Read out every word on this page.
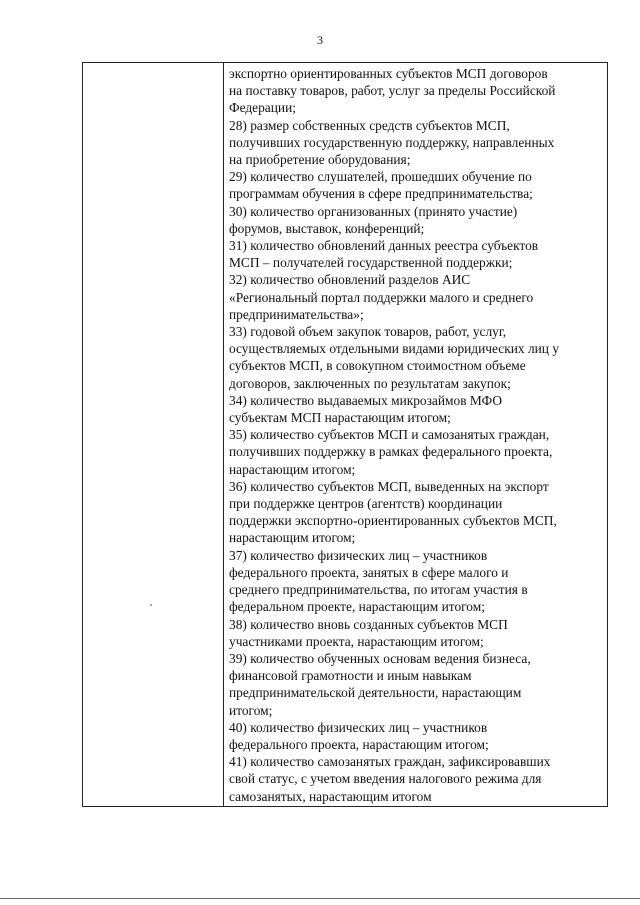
3
экспортно ориентированных субъектов МСП договоров
на поставку товаров, работ, услуг за пределы Российской
Федерации;
28) размер собственных средств субъектов МСП,
получивших государственную поддержку, направленных
на приобретение оборудования;
29) количество слушателей, прошедших обучение по
программам обучения в сфере предпринимательства;
30) количество организованных (принято участие)
форумов, выставок, конференций;
31) количество обновлений данных реестра субъектов
МСП – получателей государственной поддержки;
32) количество обновлений разделов АИС
«Региональный портал поддержки малого и среднего
предпринимательства»;
33) годовой объем закупок товаров, работ, услуг,
осуществляемых отдельными видами юридических лиц у
субъектов МСП, в совокупном стоимостном объеме
договоров, заключенных по результатам закупок;
34) количество выдаваемых микрозаймов МФО
субъектам МСП нарастающим итогом;
35) количество субъектов МСП и самозанятых граждан,
получивших поддержку в рамках федерального проекта,
нарастающим итогом;
36) количество субъектов МСП, выведенных на экспорт
при поддержке центров (агентств) координации
поддержки экспортно-ориентированных субъектов МСП,
нарастающим итогом;
37) количество физических лиц – участников
федерального проекта, занятых в сфере малого и
среднего предпринимательства, по итогам участия в
федеральном проекте, нарастающим итогом;
38) количество вновь созданных субъектов МСП
участниками проекта, нарастающим итогом;
39) количество обученных основам ведения бизнеса,
финансовой грамотности и иным навыкам
предпринимательской деятельности, нарастающим
итогом;
40) количество физических лиц – участников
федерального проекта, нарастающим итогом;
41) количество самозанятых граждан, зафиксировавших
свой статус, с учетом введения налогового режима для
самозанятых, нарастающим итогом
